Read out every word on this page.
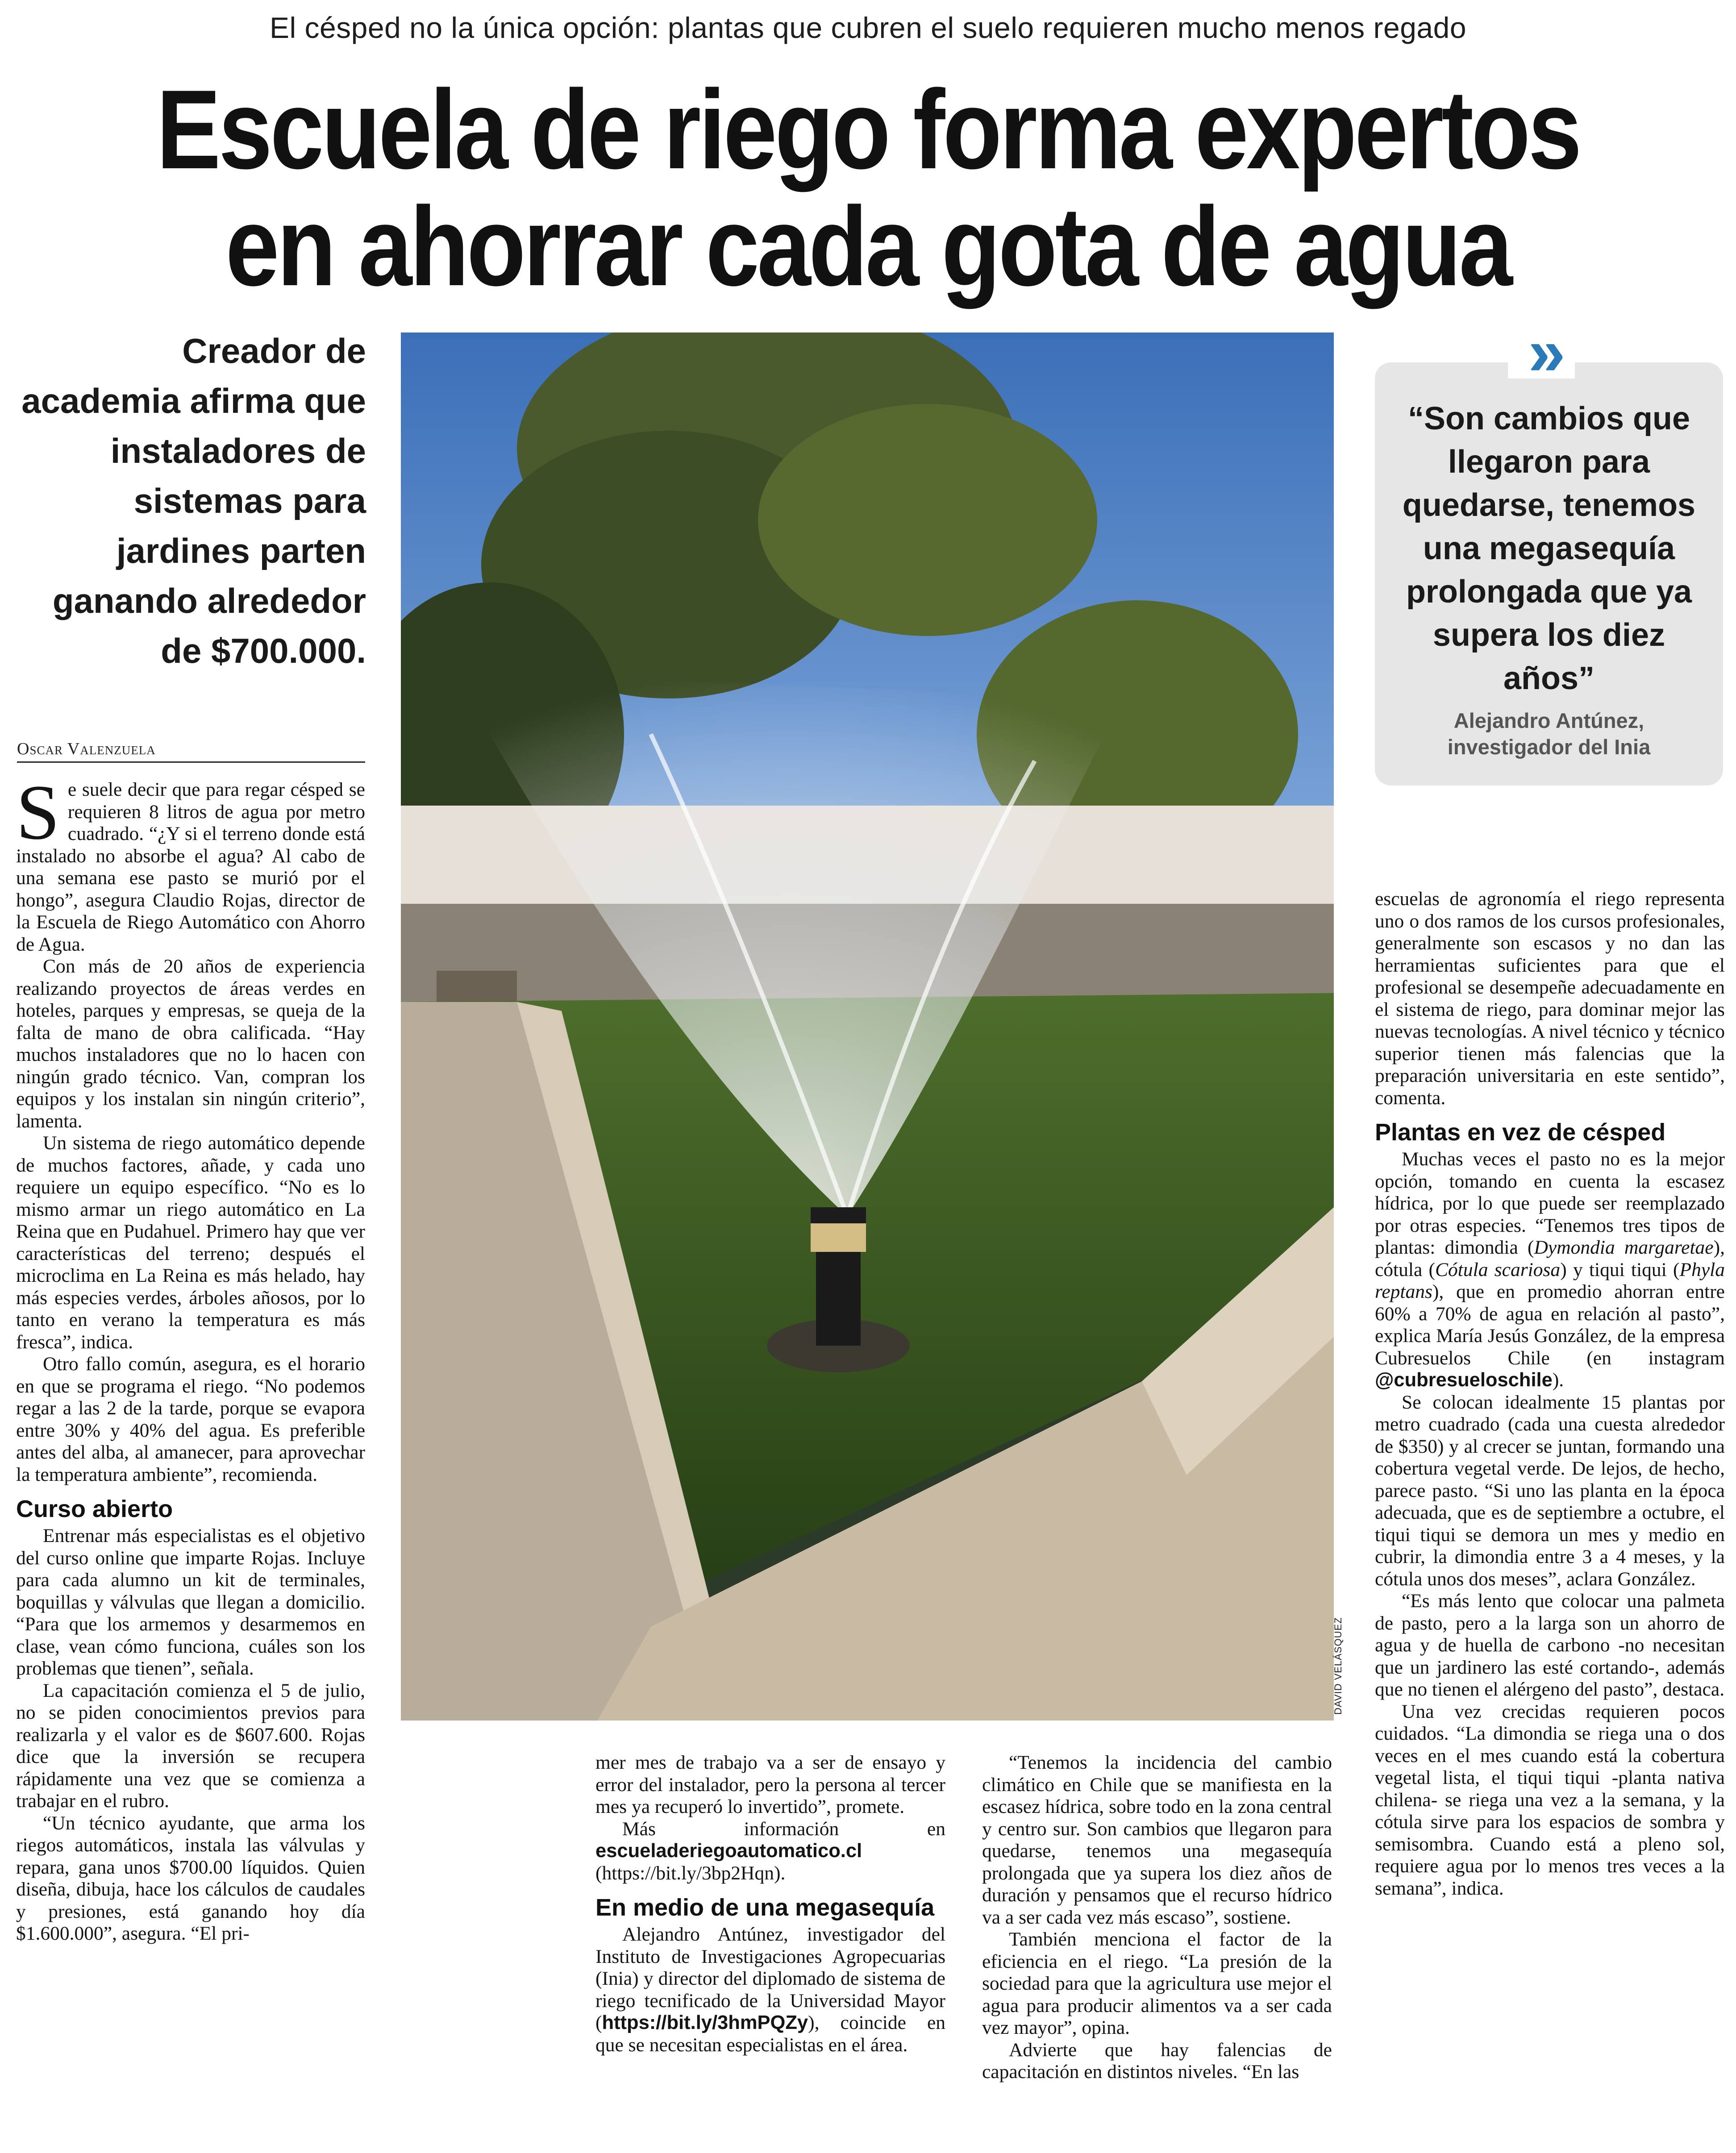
El césped no la única opción: plantas que cubren el suelo requieren mucho menos regado
Escuela de riego forma expertos
en ahorrar cada gota de agua
Creador de academia afirma que instaladores de sistemas para jardines parten ganando alrededor de $700.000.
Oscar Valenzuela
DAVID VELÁSQUEZ
»
“Son cambios que llegaron para quedarse, tenemos una megasequía prolongada que ya supera los diez años”
Alejandro Antúnez,
investigador del Inia

Se suele decir que para regar césped se requieren 8 litros de agua por metro cuadrado. “¿Y si el terreno donde está instalado no absorbe el agua? Al cabo de una semana ese pasto se murió por el hongo”, asegura Claudio Rojas, director de la Escuela de Riego Automático con Ahorro de Agua.

Con más de 20 años de experiencia realizando proyectos de áreas verdes en hoteles, parques y empresas, se queja de la falta de mano de obra calificada. “Hay muchos instaladores que no lo hacen con ningún grado técnico. Van, compran los equipos y los instalan sin ningún criterio”, lamenta.

Un sistema de riego automático depende de muchos factores, añade, y cada uno requiere un equipo específico. “No es lo mismo armar un riego automático en La Reina que en Pudahuel. Primero hay que ver características del terreno; después el microclima en La Reina es más helado, hay más especies verdes, árboles añosos, por lo tanto en verano la temperatura es más fresca”, indica.

Otro fallo común, asegura, es el horario en que se programa el riego. “No podemos regar a las 2 de la tarde, porque se evapora entre 30% y 40% del agua. Es preferible antes del alba, al amanecer, para aprovechar la temperatura ambiente”, recomienda.

Curso abierto

Entrenar más especialistas es el objetivo del curso online que imparte Rojas. Incluye para cada alumno un kit de terminales, boquillas y válvulas que llegan a domicilio. “Para que los armemos y desarmemos en clase, vean cómo funciona, cuáles son los problemas que tienen”, señala.

La capacitación comienza el 5 de julio, no se piden conocimientos previos para realizarla y el valor es de $607.600. Rojas dice que la inversión se recupera rápidamente una vez que se comienza a trabajar en el rubro.

“Un técnico ayudante, que arma los riegos automáticos, instala las válvulas y repara, gana unos $700.00 líquidos. Quien diseña, dibuja, hace los cálculos de caudales y presiones, está ganando hoy día $1.600.000”, asegura. “El pri-

mer mes de trabajo va a ser de ensayo y error del instalador, pero la persona al tercer mes ya recuperó lo invertido”, promete.

Más información en escueladeriegoautomatico.cl (https://bit.ly/3bp2Hqn).

En medio de una megasequía

Alejandro Antúnez, investigador del Instituto de Investigaciones Agropecuarias (Inia) y director del diplomado de sistema de riego tecnificado de la Universidad Mayor (https://bit.ly/3hmPQZy), coincide en que se necesitan especialistas en el área.

“Tenemos la incidencia del cambio climático en Chile que se manifiesta en la escasez hídrica, sobre todo en la zona central y centro sur. Son cambios que llegaron para quedarse, tenemos una megasequía prolongada que ya supera los diez años de duración y pensamos que el recurso hídrico va a ser cada vez más escaso”, sostiene.

También menciona el factor de la eficiencia en el riego. “La presión de la sociedad para que la agricultura use mejor el agua para producir alimentos va a ser cada vez mayor”, opina.

Advierte que hay falencias de capacitación en distintos niveles. “En las

escuelas de agronomía el riego representa uno o dos ramos de los cursos profesionales, generalmente son escasos y no dan las herramientas suficientes para que el profesional se desempeñe adecuadamente en el sistema de riego, para dominar mejor las nuevas tecnologías. A nivel técnico y técnico superior tienen más falencias que la preparación universitaria en este sentido”, comenta.

Plantas en vez de césped

Muchas veces el pasto no es la mejor opción, tomando en cuenta la escasez hídrica, por lo que puede ser reemplazado por otras especies. “Tenemos tres tipos de plantas: dimondia (Dymondia margaretae), cótula (Cótula scariosa) y tiqui tiqui (Phyla reptans), que en promedio ahorran entre 60% a 70% de agua en relación al pasto”, explica María Jesús González, de la empresa Cubresuelos Chile (en instagram @cubresueloschile).

Se colocan idealmente 15 plantas por metro cuadrado (cada una cuesta alrededor de $350) y al crecer se juntan, formando una cobertura vegetal verde. De lejos, de hecho, parece pasto. “Si uno las planta en la época adecuada, que es de septiembre a octubre, el tiqui tiqui se demora un mes y medio en cubrir, la dimondia entre 3 a 4 meses, y la cótula unos dos meses”, aclara González.

“Es más lento que colocar una palmeta de pasto, pero a la larga son un ahorro de agua y de huella de carbono -no necesitan que un jardinero las esté cortando-, además que no tienen el alérgeno del pasto”, destaca.

Una vez crecidas requieren pocos cuidados. “La dimondia se riega una o dos veces en el mes cuando está la cobertura vegetal lista, el tiqui tiqui -planta nativa chilena- se riega una vez a la semana, y la cótula sirve para los espacios de sombra y semisombra. Cuando está a pleno sol, requiere agua por lo menos tres veces a la semana”, indica.
